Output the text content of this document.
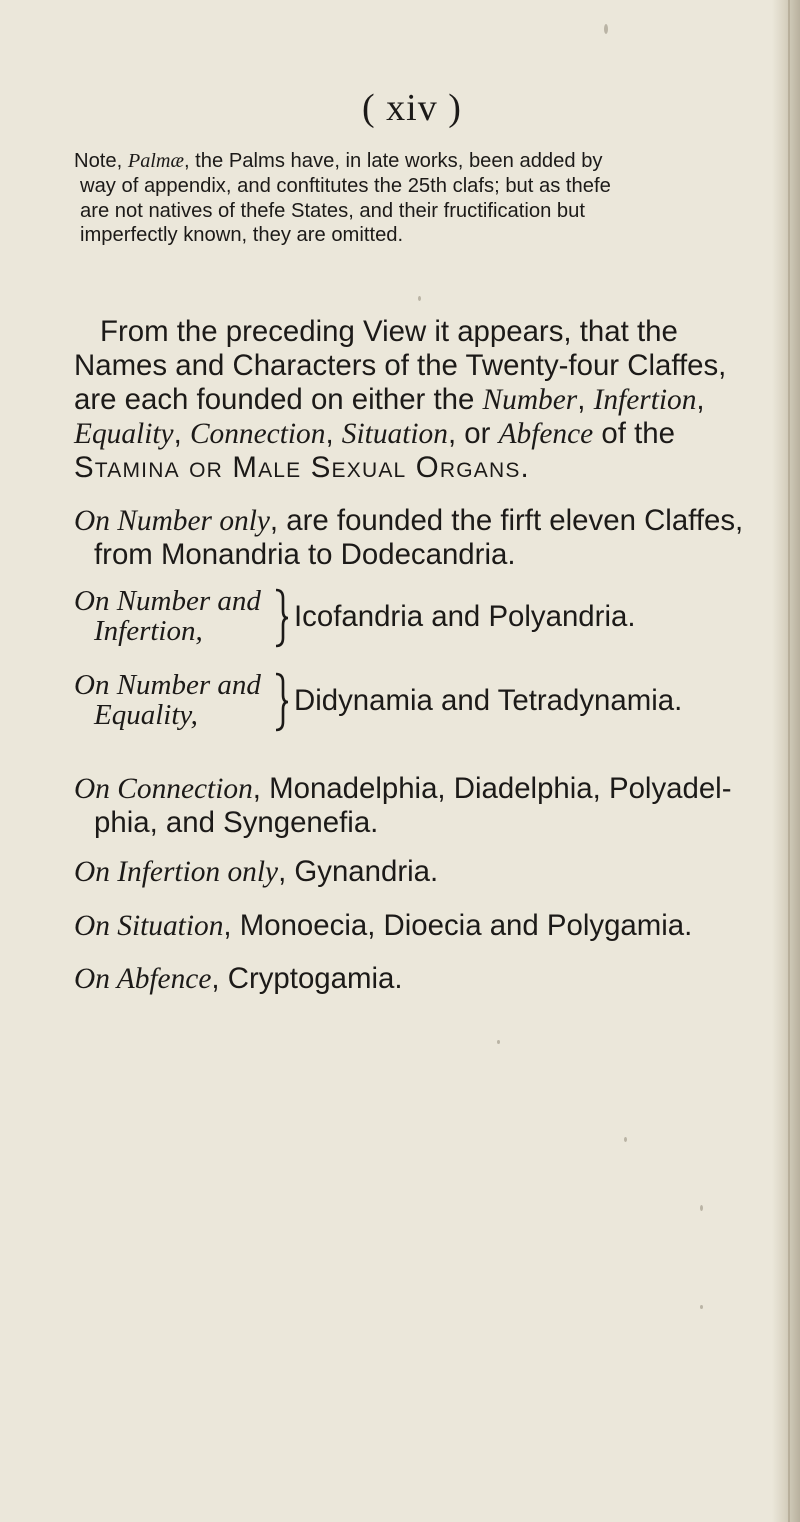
( xiv )
Note, Palmæ, the Palms have, in late works, been added by
way of appendix, and conftitutes the 25th clafs; but as thefe
are not natives of thefe States, and their fructification but
imperfectly known, they are omitted.
From the preceding View it appears, that the
Names and Characters of the Twenty-four Claffes,
are each founded on either the Number, Infertion,
Equality, Connection, Situation, or Abfence of the
Stamina or Male Sexual Organs.
On Number only, are founded the firft eleven Claffes,
from Monandria to Dodecandria.
On Number and
Infertion,	Icofandria and Polyandria.
On Number and
Equality,	Didynamia and Tetradynamia.
On Connection, Monadelphia, Diadelphia, Polyadel-
phia, and Syngenefia.
On Infertion only, Gynandria.
On Situation, Monoecia, Dioecia and Polygamia.
On Abfence, Cryptogamia.
